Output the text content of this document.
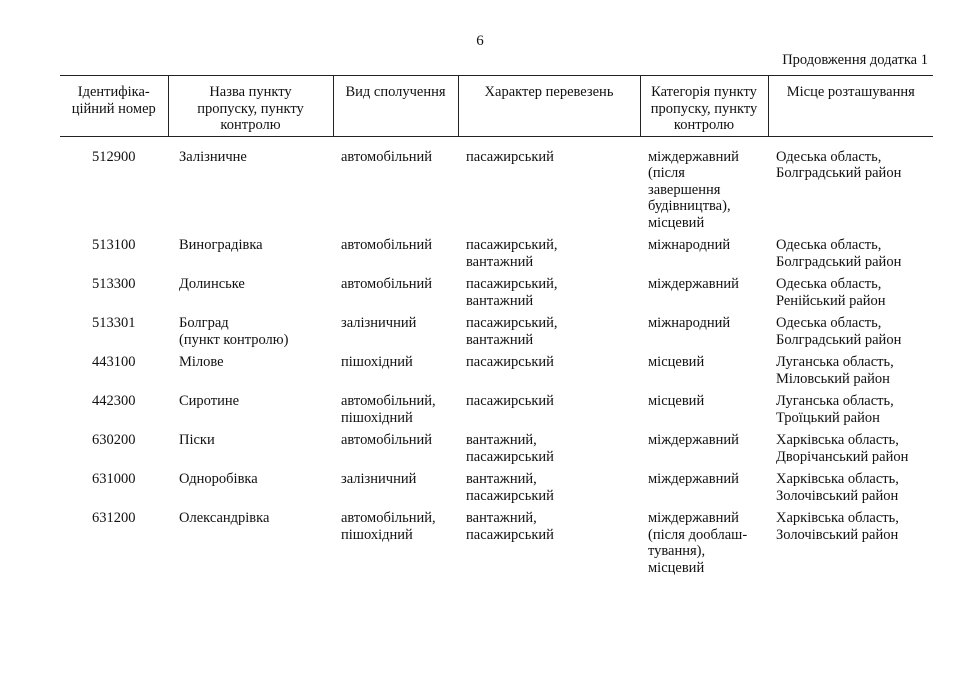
6
Продовження додатка 1
Ідентифіка-
ційний номер	Назва пункту
пропуску, пункту
контролю	Вид сполучення	Характер перевезень	Категорія пункту
пропуску, пункту
контролю	Місце розташування

512900	Залізничне	автомобільний	пасажирський	міждержавний
(після
завершення
будівництва),
місцевий	Одеська область,
Болградський район

513100	Виноградівка	автомобільний	пасажирський,
вантажний	міжнародний	Одеська область,
Болградський район

513300	Долинське	автомобільний	пасажирський,
вантажний	міждержавний	Одеська область,
Ренійський район

513301	Болград
(пункт контролю)	залізничний	пасажирський,
вантажний	міжнародний	Одеська область,
Болградський район

443100	Мілове	пішохідний	пасажирський	місцевий	Луганська область,
Міловський район

442300	Сиротине	автомобільний,
пішохідний	пасажирський	місцевий	Луганська область,
Троїцький район

630200	Піски	автомобільний	вантажний,
пасажирський	міждержавний	Харківська область,
Дворічанський район

631000	Одноробівка	залізничний	вантажний,
пасажирський	міждержавний	Харківська область,
Золочівський район

631200	Олександрівка	автомобільний,
пішохідний	вантажний,
пасажирський	міждержавний
(після дооблаш-
тування),
місцевий	Харківська область,
Золочівський район
